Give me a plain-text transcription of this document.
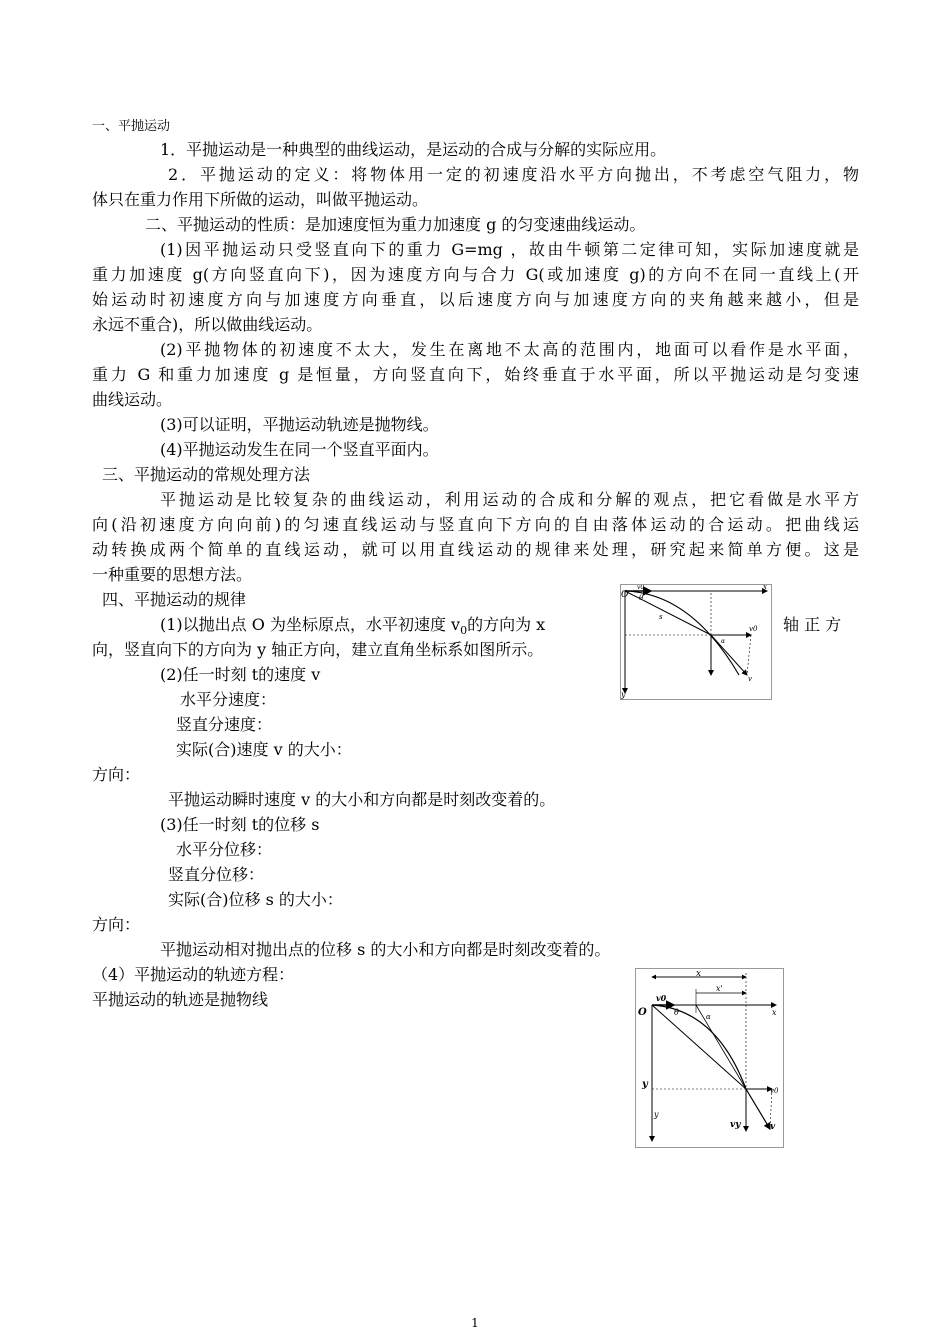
一、平抛运动
1．平抛运动是一种典型的曲线运动，是运动的合成与分解的实际应用。
2．平抛运动的定义：将物体用一定的初速度沿水平方向抛出，不考虑空气阻力，物
体只在重力作用下所做的运动，叫做平抛运动。
二、平抛运动的性质：是加速度恒为重力加速度 g 的匀变速曲线运动。
(1)因平抛运动只受竖直向下的重力 G=mg ，故由牛顿第二定律可知，实际加速度就是
重力加速度 g(方向竖直向下)，因为速度方向与合力 G(或加速度 g)的方向不在同一直线上(开
始运动时初速度方向与加速度方向垂直，以后速度方向与加速度方向的夹角越来越小，但是
永远不重合)，所以做曲线运动。
(2)平抛物体的初速度不太大，发生在离地不太高的范围内，地面可以看作是水平面，
重力 G 和重力加速度 g 是恒量，方向竖直向下，始终垂直于水平面，所以平抛运动是匀变速
曲线运动。
(3)可以证明，平抛运动轨迹是抛物线。
(4)平抛运动发生在同一个竖直平面内。
三、平抛运动的常规处理方法
平抛运动是比较复杂的曲线运动，利用运动的合成和分解的观点，把它看做是水平方
向(沿初速度方向向前)的匀速直线运动与竖直向下方向的自由落体运动的合运动。把曲线运
动转换成两个简单的直线运动，就可以用直线运动的规律来处理，研究起来简单方便。这是
一种重要的思想方法。
四、平抛运动的规律
(1)以抛出点 O 为坐标原点，水平初速度 $v_0$的方向为 x	轴 正 方
向，竖直向下的方向为 y 轴正方向，建立直角坐标系如图所示。
(2)任一时刻 t的速度 v
水平分速度：
竖直分速度：
实际(合)速度 v 的大小：
方向：
平抛运动瞬时速度 v 的大小和方向都是时刻改变着的。
(3)任一时刻 t的位移 s
水平分位移：
竖直分位移：
实际(合)位移 s 的大小：
方向：
平抛运动相对抛出点的位移 s 的大小和方向都是时刻改变着的。
（4）平抛运动的轨迹方程：
平抛运动的轨迹是抛物线
O
x
y
v0
v0
θ
α
s
v
O
x
x'
x
y
y
v0
v0
vy	v
θ	α
1
